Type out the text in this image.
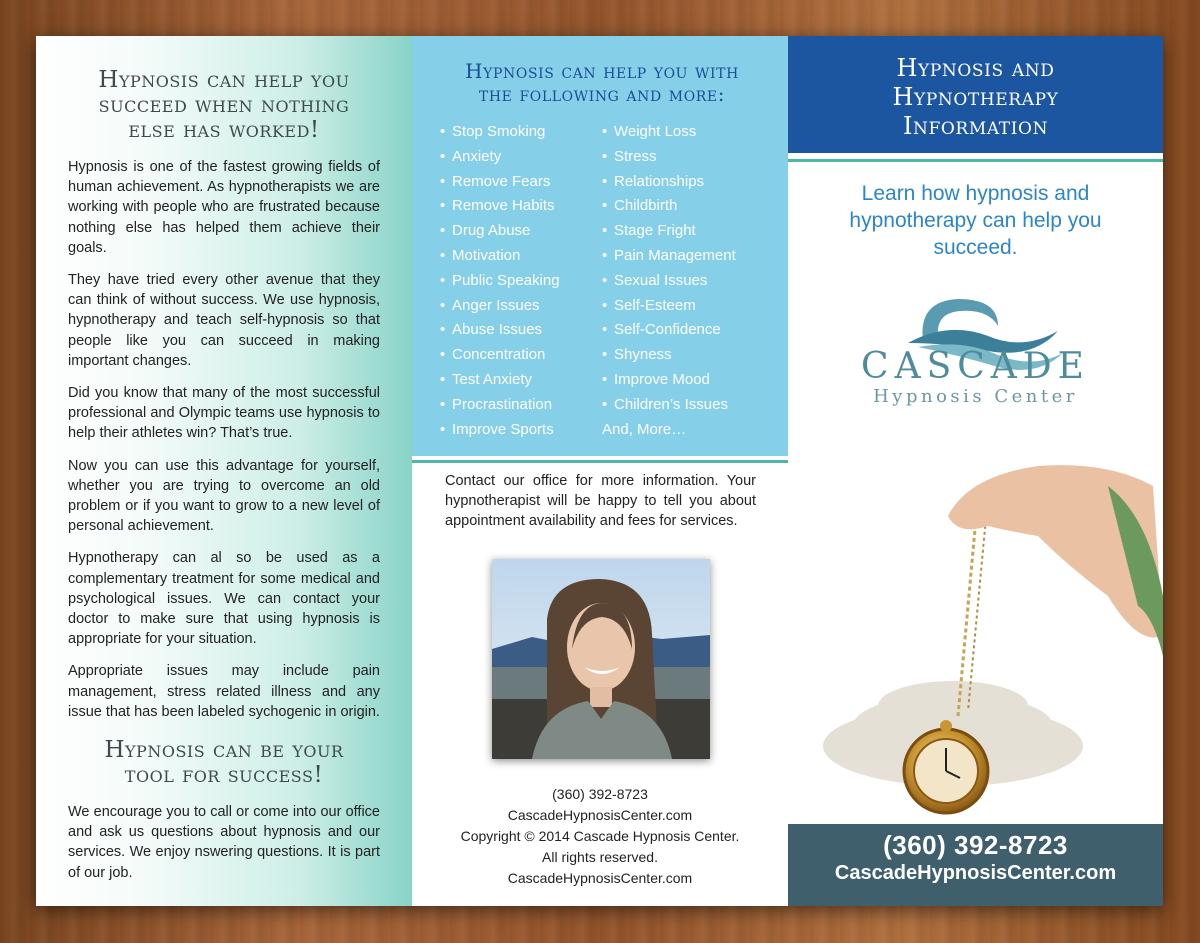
Hypnosis can help you
succeed when nothing
else has worked!

Hypnosis is one of the fastest growing fields of human achievement. As hypnotherapists we are working with people who are frustrated because nothing else has helped them achieve their goals.

They have tried every other avenue that they can think of without success. We use hypnosis, hypnotherapy and teach self-hypnosis so that people like you can succeed in making important changes.

Did you know that many of the most successful professional and Olympic teams use hypnosis to help their athletes win? That’s true.

Now you can use this advantage for yourself, whether you are trying to overcome an old problem or if you want to grow to a new level of personal achievement.

Hypnotherapy can al so be used as a complementary treatment for some medical and psychological issues. We can contact your doctor to make sure that using hypnosis is appropriate for your situation.

Appropriate issues may include pain management, stress related illness and any issue that has been labeled sychogenic in origin.

Hypnosis can be your
tool for success!

We encourage you to call or come into our office and ask us questions about hypnosis and our services. We enjoy nswering questions. It is part of our job.

Hypnosis can help you with
the following and more:
• Stop Smoking
• Anxiety
• Remove Fears
• Remove Habits
• Drug Abuse
• Motivation
• Public Speaking
• Anger Issues
• Abuse Issues
• Concentration
• Test Anxiety
• Procrastination
• Improve Sports
• Weight Loss
• Stress
• Relationships
• Childbirth
• Stage Fright
• Pain Management
• Sexual Issues
• Self-Esteem
• Self-Confidence
• Shyness
• Improve Mood
• Children’s Issues
And, More…

Contact our office for more information. Your hypnotherapist will be happy to tell you about appointment availability and fees for services.

(360) 392-8723
CascadeHypnosisCenter.com
Copyright © 2014 Cascade Hypnosis Center.
All rights reserved.
CascadeHypnosisCenter.com
Hypnosis and
Hypnotherapy
Information
Learn how hypnosis and
hypnotherapy can help you
succeed.
CASCADE
Hypnosis Center
(360) 392-8723
CascadeHypnosisCenter.com
